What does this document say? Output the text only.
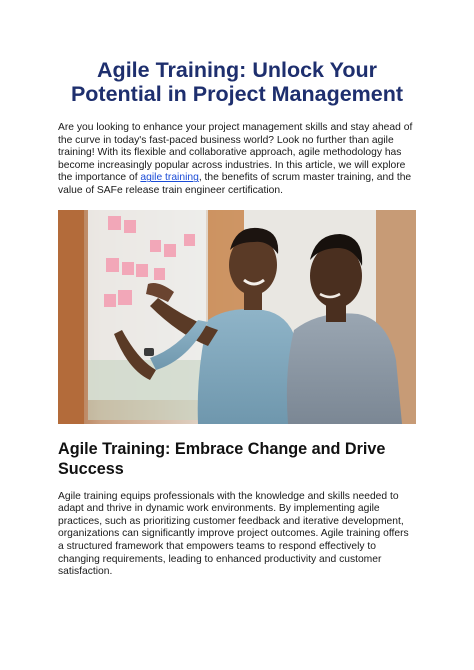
Agile Training: Unlock Your Potential in Project Management

Are you looking to enhance your project management skills and stay ahead of the curve in today's fast-paced business world? Look no further than agile training! With its flexible and collaborative approach, agile methodology has become increasingly popular across industries. In this article, we will explore the importance of agile training, the benefits of scrum master training, and the value of SAFe release train engineer certification.

Agile Training: Embrace Change and Drive Success

Agile training equips professionals with the knowledge and skills needed to adapt and thrive in dynamic work environments. By implementing agile practices, such as prioritizing customer feedback and iterative development, organizations can significantly improve project outcomes. Agile training offers a structured framework that empowers teams to respond effectively to changing requirements, leading to enhanced productivity and customer satisfaction.
